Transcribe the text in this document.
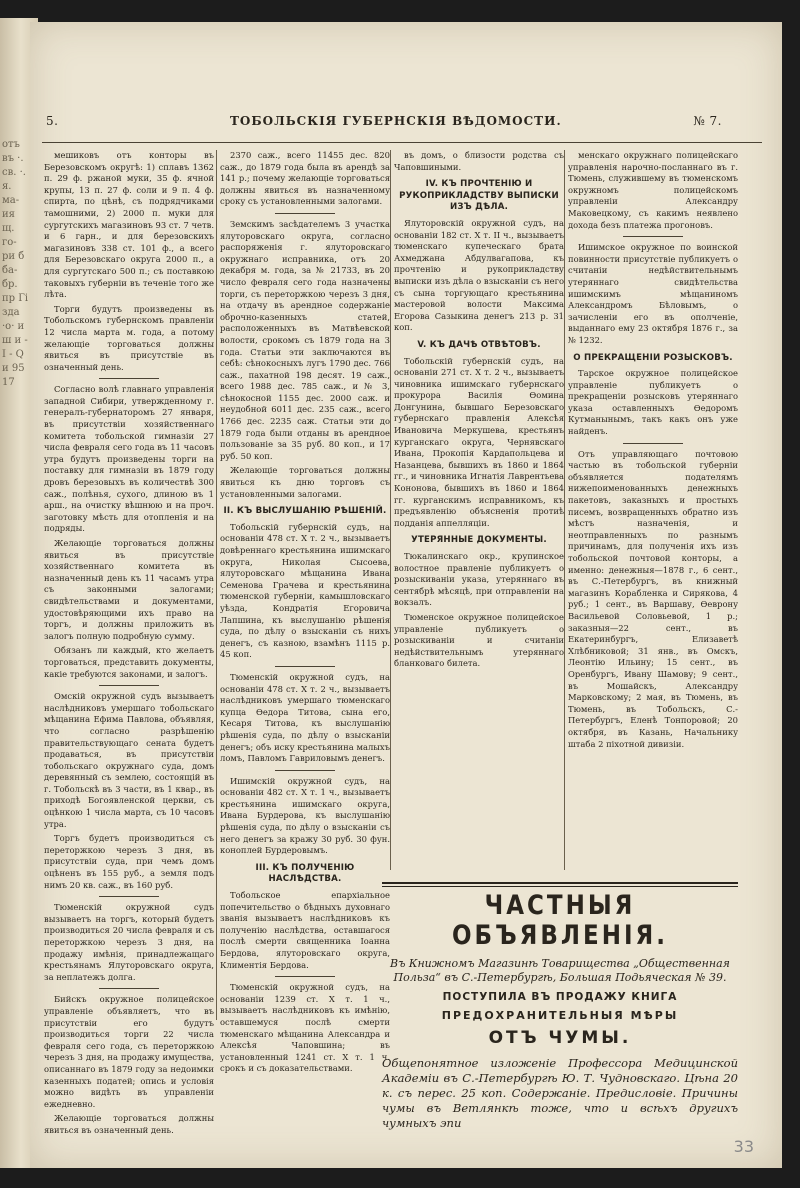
отъ въ ·. св. ·. я. ма- ия щ. го- ри б ба- бр. пр Гі зда ·о· и ш и - І - Q и 95 17
5.	ТОБОЛЬСКІЯ ГУБЕРНСКІЯ ВѢДОМОСТИ.	№ 7.

мешиковъ отъ конторы въ Березовскомъ округѣ: 1) сплавъ 1362 п. 29 ф. ржаной муки, 35 ф. ячной крупы, 13 п. 27 ф. соли и 9 п. 4 ф. спирта, по цѣнѣ, съ подрядчиками тамошними, 2) 2000 п. муки для сургутскихъ магазиновъ 93 ст. 7 четв. и 6 гарн., и для березовскихъ магазиновъ 338 ст. 101 ф., а всего для Березовскаго округа 2000 п., а для сургутскаго 500 п.; съ поставкою таковыхъ губерніи въ теченіе того же лѣта.

Торги будутъ произведены въ Тобольскомъ губернскомъ правленіи 12 числа марта м. года, а потому желающіе торговаться должны явиться въ присутствіе въ означенный день.

Согласно волѣ главнаго управленія западной Сибири, утвержденному г. генералъ-губернаторомъ 27 января, въ присутствіи хозяйственнаго комитета тобольской гимназіи 27 числа февраля сего года въ 11 часовъ утра будутъ произведены торги на поставку для гимназіи въ 1879 году дровъ березовыхъ въ количествѣ 300 саж., полѣнья, сухого, длиною въ 1 арш., на очистку вѣшнюю и на проч. заготовку мѣсть для отопленія и на подряды.

Желающіе торговаться должны явиться въ присутствіе хозяйственнаго комитета въ назначенный день къ 11 часамъ утра съ законными залогами; свидѣтельствами и документами, удостовѣряющими ихъ право на торгъ, и должны приложить въ залогъ полную подробную сумму.

Обязанъ ли каждый, кто желаетъ торговаться, представить документы, какіе требуются законами, и залогъ.

Омскій окружной судъ вызываетъ наслѣдниковъ умершаго тобольскаго мѣщанина Ефима Павлова, объявляя, что согласно разрѣшенію правительствующаго сената будетъ продаваться, въ присутствіи тобольскаго окружнаго суда, домъ деревянный съ землею, состоящій въ г. Тобольскѣ въ 3 части, въ 1 квар., въ приходѣ Богоявленской церкви, съ оцѣнкою 1 числа марта, съ 10 часовъ утра.

Торгъ будетъ производиться съ переторжкою черезъ 3 дня, въ присутствіи суда, при чемъ домъ оцѣненъ въ 155 руб., а земля подъ нимъ 20 кв. саж., въ 160 руб.

Тюменскій окружной судъ вызываетъ на торгъ, который будетъ производиться 20 числа февраля и съ переторжкою черезъ 3 дня, на продажу имѣнія, принадлежащаго крестьянамъ Ялуторовскаго округа, за неплатежъ долга.

Бийскъ окружное полицейское управленіе объявляетъ, что въ присутствіи его будутъ производиться торги 22 числа февраля сего года, съ переторжкою черезъ 3 дня, на продажу имущества, описаннаго въ 1879 году за недоимки казенныхъ податей; опись и условія можно видѣть въ управленіи ежедневно.

Желающіе торговаться должны явиться въ означенный день.

2370 саж., всего 11455 дес. 820 саж., до 1879 года была въ арендѣ за 141 р.; почему желающіе торговаться должны явиться въ назначенному сроку съ установленными залогами.

Земскимъ засѣдателемъ 3 участка ялуторовскаго округа, согласно распоряженія г. ялуторовскаго окружнаго исправника, отъ 20 декабря м. года, за № 21733, въ 20 число февраля сего года назначены торги, съ переторжкою черезъ 3 дня, на отдачу въ арендное содержаніе оброчно-казенныхъ статей, расположенныхъ въ Матвѣевской волости, срокомъ съ 1879 года на 3 года. Статьи эти заключаются въ себѣ: сѣнокосныхъ лугъ 1790 дес. 766 саж., пахатной 198 десят. 19 саж., всего 1988 дес. 785 саж., и № 3, сѣнокосной 1155 дес. 2000 саж. и неудобной 6011 дес. 235 саж., всего 1766 дес. 2235 саж. Статьи эти до 1879 года были отданы въ арендное пользованіе за 35 руб. 80 коп., и 17 руб. 50 коп.

Желающіе торговаться должны явиться къ дню торговъ съ установленными залогами.

II. КЪ ВЫСЛУШАНІЮ РѢШЕНІЙ.

Тобольскій губернскій судъ, на основаніи 478 ст. X т. 2 ч., вызываетъ довѣреннаго крестьянина ишимскаго округа, Николая Сысоева, ялуторовскаго мѣщанина Ивана Семенова Грачева и крестьянина тюменской губерніи, камышловскаго уѣзда, Кондратія Егоровича Лапшина, къ выслушанію рѣшенія суда, по дѣлу о взысканіи съ нихъ денегъ, съ казною, взамѣнъ 1115 р. 45 коп.

Тюменскій окружной судъ, на основаніи 478 ст. X т. 2 ч., вызываетъ наслѣдниковъ умершаго тюменскаго купца Ѳедора Титова, сына его, Кесаря Титова, къ выслушанію рѣшенія суда, по дѣлу о взысканіи денегъ; объ иску крестьянина малыхъ ломъ, Павломъ Гавриловымъ денегъ.

Ишимскій окружной судъ, на основаніи 482 ст. X т. 1 ч., вызываетъ крестьянина ишимскаго округа, Ивана Бурдерова, къ выслушанію рѣшенія суда, по дѣлу о взысканіи съ него денегъ за кражу 30 руб. 30 фун. коноплей Бурдеровымъ.

III. КЪ ПОЛУЧЕНІЮ НАСЛѢДСТВА.

Тобольское епархіальное попечительство о бѣдныхъ духовнаго званія вызываетъ наслѣдниковъ къ полученію наслѣдства, оставшагося послѣ смерти священника Іоанна Бердова, ялуторовскаго округа, Климентія Бердова.

Тюменскій окружной судъ, на основаніи 1239 ст. X т. 1 ч., вызываетъ наслѣдниковъ къ имѣнію, оставшемуся послѣ смерти тюменскаго мѣщанина Александра и Алексѣя Чаповшина; въ установленный 1241 ст. X т. 1 ч. срокъ и съ доказательствами.

въ домъ, о близости родства съ Чаповшиными.

IV. КЪ ПРОЧТЕНІЮ И РУКОПРИКЛАДСТВУ ВЫПИСКИ ИЗЪ ДѢЛА.

Ялуторовскій окружной судъ, на основаніи 182 ст. X т. II ч., вызываетъ тюменскаго купеческаго брата Ахмеджана Абдулвагапова, къ прочтенію и рукоприкладству выписки изъ дѣла о взысканіи съ него съ сына торгующаго крестьянина мастеровой волости Максима Егорова Сазыкина денегъ 213 р. 31 коп.

V. КЪ ДАЧѢ ОТВѢТОВЪ.

Тобольскій губернскій судъ, на основаніи 271 ст. X т. 2 ч., вызываетъ чиновника ишимскаго губернскаго прокурора Василія Ѳомина Донгунина, бывшаго Березовскаго губернскаго правленія Алексѣя Ивановича Меркушева, крестьянъ курганскаго округа, Чернявскаго Ивана, Прокопія Кардапольцева и Назанцева, бывшихъ въ 1860 и 1864 гг., и чиновника Игнатія Лаврентьева Кононова, бывшихъ въ 1860 и 1864 гг. курганскимъ исправникомъ, къ предъявленію объясненія протиѣ подданія аппелляціи.

УТЕРЯННЫЕ ДОКУМЕНТЫ.

Тюкалинскаго окр., крупинское волостное правленіе публикуетъ о розыскиваніи указа, утеряннаго въ сентябрѣ мѣсяцѣ, при отправленіи на вокзалъ.

Тюменское окружное полицейское управленіе публикуетъ о розыскиваніи и считаніи недѣйствительнымъ утеряннаго бланковаго билета.

менскаго окружнаго полицейскаго управленія нарочно-посланнаго въ г. Тюмень, служившему въ тюменскомъ окружномъ полицейскомъ управленіи Александру Маковецкому, съ какимъ неявлено дохода безъ платежа прогоновъ.

Ишимское окружное по воинской повинности присутствіе публикуетъ о считаніи недѣйствительнымъ утеряннаго свидѣтельства ишимскимъ мѣщаниномъ Александромъ Бѣловымъ, о зачисленіи его въ ополченіе, выданнаго ему 23 октября 1876 г., за № 1232.

О ПРЕКРАЩЕНІИ РОЗЫСКОВЪ.

Тарское окружное полицейское управленіе публикуетъ о прекращеніи розысковъ утеряннаго указа оставленныхъ Ѳедоромъ Кутманынымъ, такъ какъ онъ уже найденъ.

Отъ управляющаго почтовою частью въ тобольской губерніи объявляется подателямъ нижепоименованныхъ денежныхъ пакетовъ, заказныхъ и простыхъ писемъ, возвращенныхъ обратно изъ мѣстъ назначенія, и неотправленныхъ по разнымъ причинамъ, для полученія ихъ изъ тобольской почтовой конторы, а именно: денежныя—1878 г., 6 сент., въ С.-Петербургъ, въ книжный магазинъ Корабленка и Сирякова, 4 руб.; 1 сент., въ Варшаву, Ѳеврону Васильевой Соловьевой, 1 р.; заказныя—22 сент., въ Екатеринбургъ, Елизаветѣ Хлѣбниковой; 31 янв., въ Омскъ, Леонтію Ильину; 15 сент., въ Оренбургъ, Ивану Шамову; 9 сент., въ Мошайскъ, Александру Марковскому; 2 мая, въ Тюмень, въ Тюмень, въ Тобольскъ, С.-Петербургъ, Еленѣ Тонпоровой; 20 октября, въ Казань, Начальнику штаба 2 піхотной дивизіи.

ЧАСТНЫЯ ОБЪЯВЛЕНІЯ.
Въ Книжномъ Магазинѣ Товарищества „Общественная Польза“ въ С.-Петербургѣ, Большая Подьяческая № 39.
ПОСТУПИЛА ВЪ ПРОДАЖУ КНИГА
ПРЕДОХРАНИТЕЛЬНЫЯ МѢРЫ
ОТЪ ЧУМЫ.
Общепонятное изложеніе Профессора Медицинской Академіи въ С.-Петербургѣ Ю. Т. Чудновскаго. Цѣна 20 к. съ перес. 25 коп. Содержаніе. Предисловіе. Причины чумы въ Ветлянкѣ тоже, что и всѣхъ другихъ чумныхъ эпи
33
